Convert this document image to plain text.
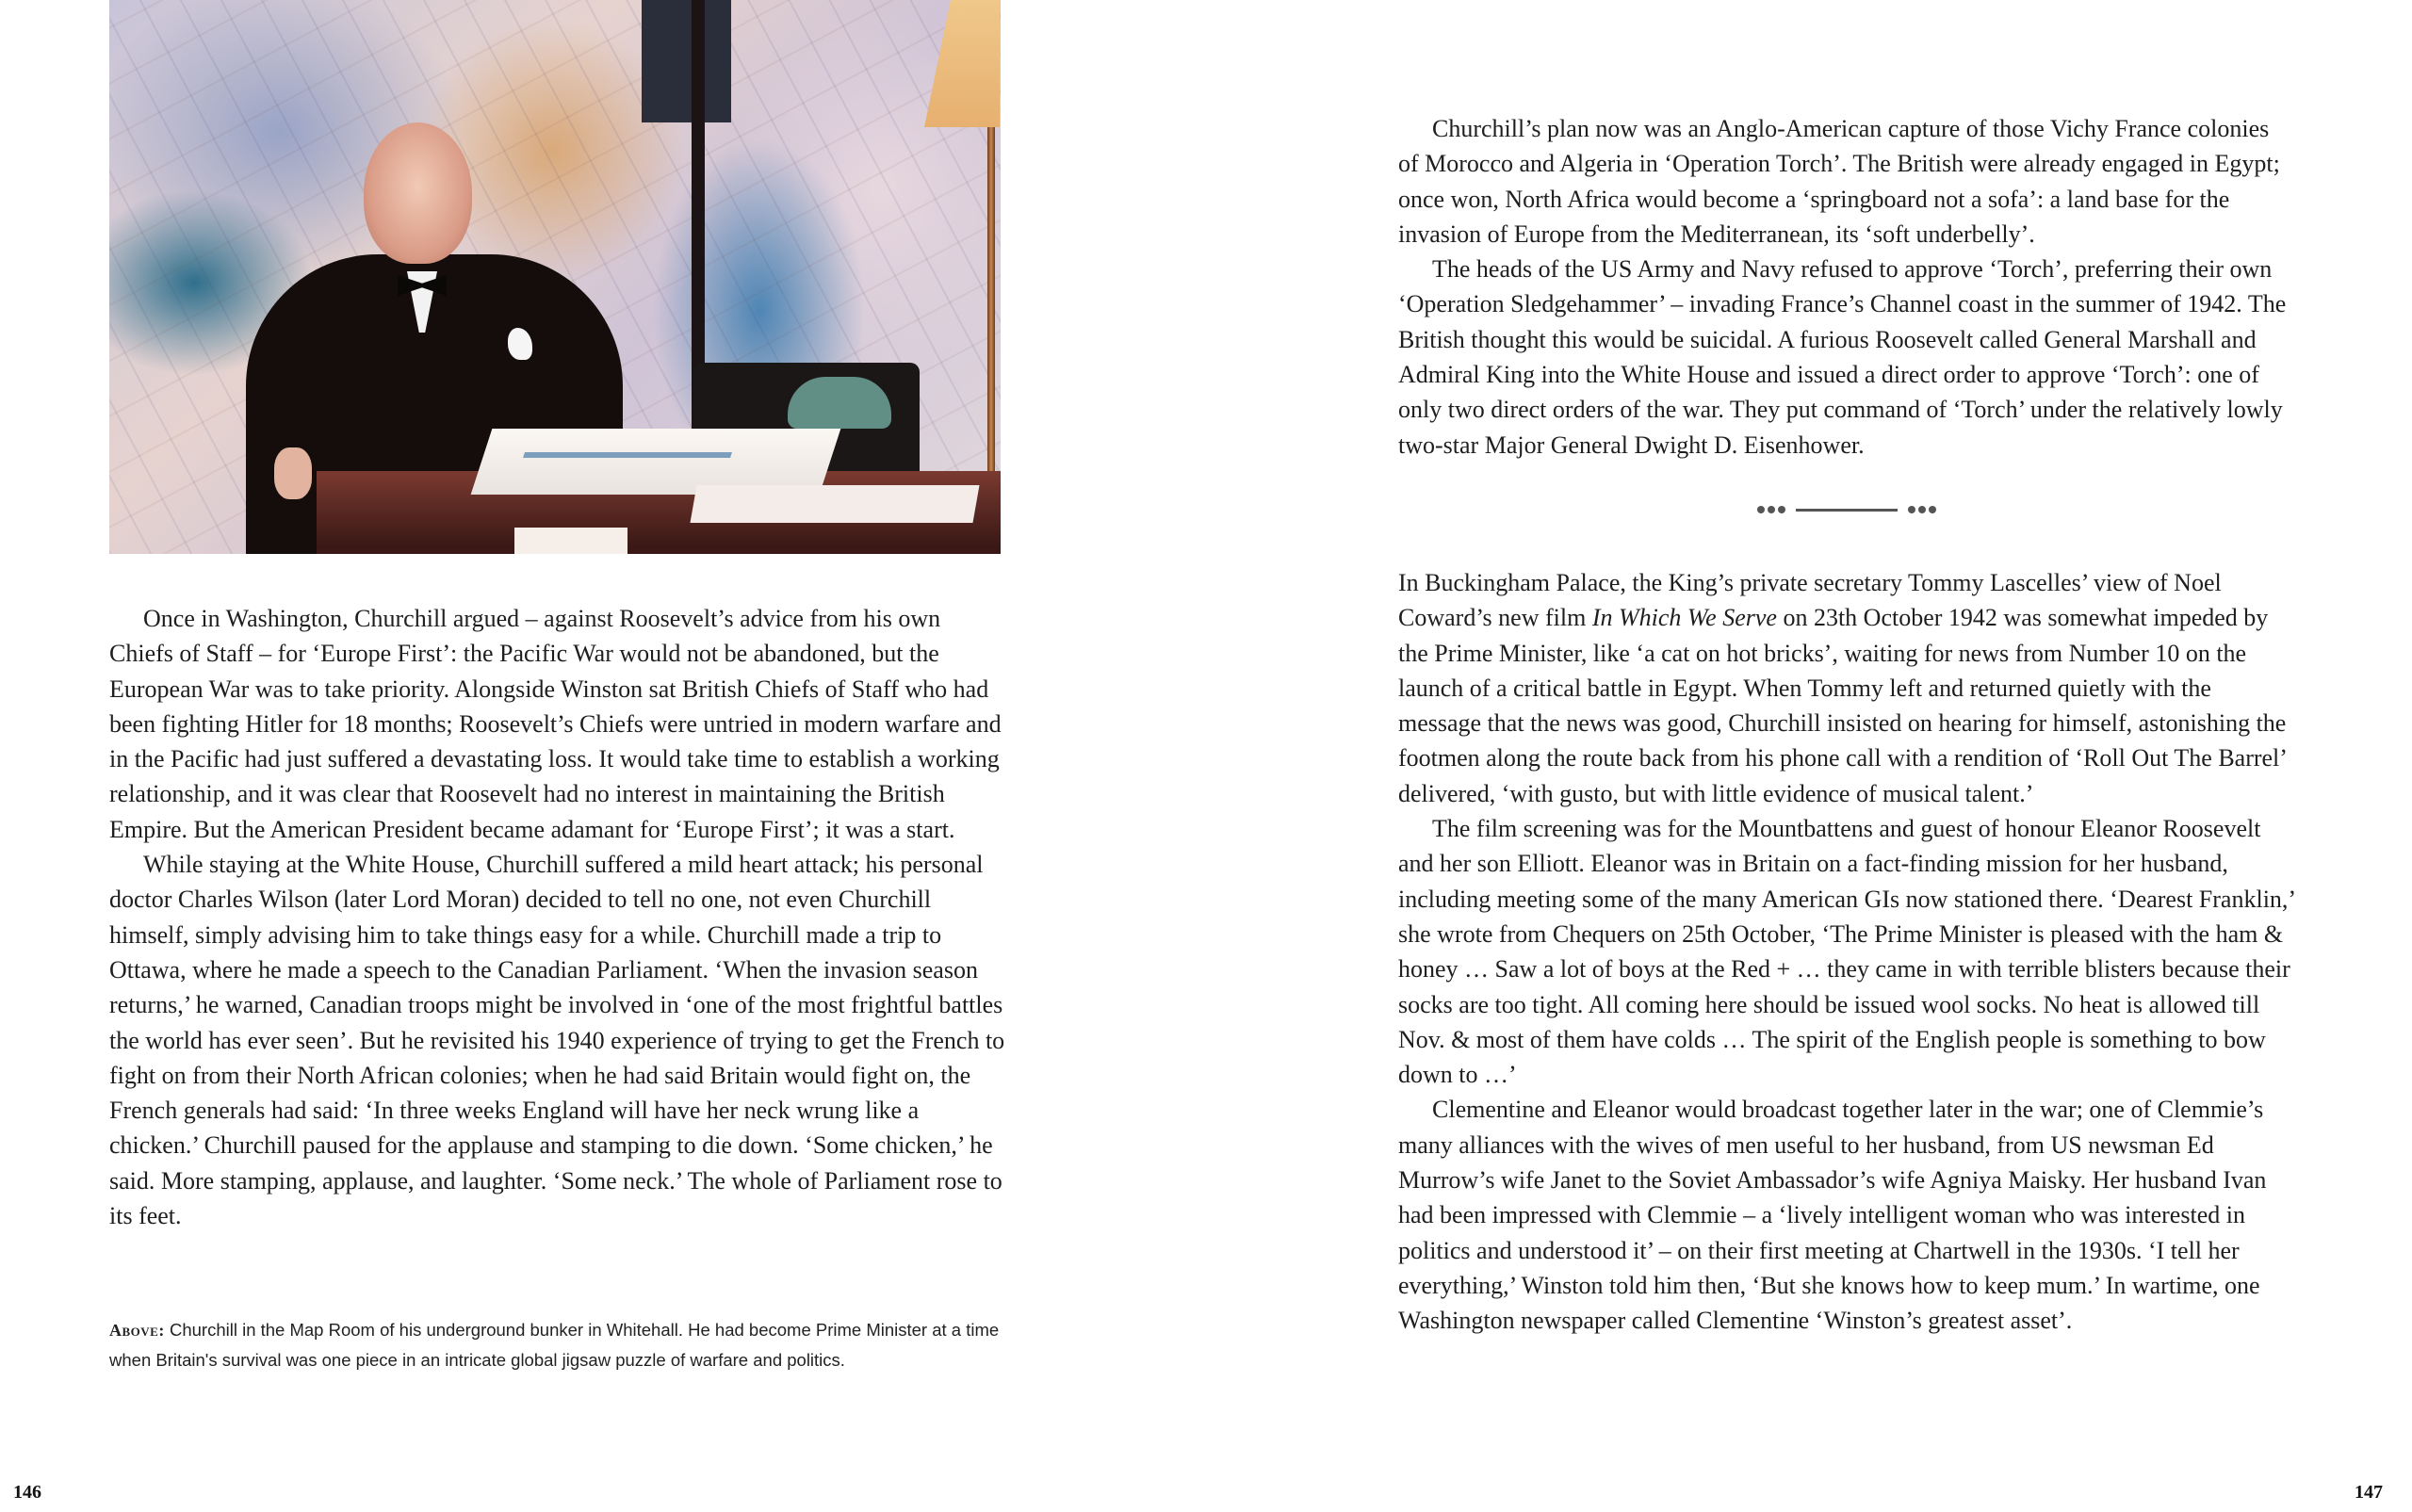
Once in Washington, Churchill argued – against Roosevelt’s advice from his own Chiefs of Staff – for ‘Europe First’: the Pacific War would not be abandoned, but the European War was to take priority. Alongside Winston sat British Chiefs of Staff who had been fighting Hitler for 18 months; Roosevelt’s Chiefs were untried in modern warfare and in the Pacific had just suffered a devastating loss. It would take time to establish a working relationship, and it was clear that Roosevelt had no interest in maintaining the British Empire. But the American President became adamant for ‘Europe First’; it was a start.

While staying at the White House, Churchill suffered a mild heart attack; his personal doctor Charles Wilson (later Lord Moran) decided to tell no one, not even Churchill himself, simply advising him to take things easy for a while. Churchill made a trip to Ottawa, where he made a speech to the Canadian Parliament. ‘When the invasion season returns,’ he warned, Canadian troops might be involved in ‘one of the most frightful battles the world has ever seen’. But he revisited his 1940 experience of trying to get the French to fight on from their North African colonies; when he had said Britain would fight on, the French generals had said: ‘In three weeks England will have her neck wrung like a chicken.’ Churchill paused for the applause and stamping to die down. ‘Some chicken,’ he said. More stamping, applause, and laughter. ‘Some neck.’ The whole of Parliament rose to its feet.

Above: Churchill in the Map Room of his underground bunker in Whitehall. He had become Prime Minister at a time when Britain's survival was one piece in an intricate global jigsaw puzzle of warfare and politics.
146

Churchill’s plan now was an Anglo-American capture of those Vichy France colonies of Morocco and Algeria in ‘Operation Torch’. The British were already engaged in Egypt; once won, North Africa would become a ‘springboard not a sofa’: a land base for the invasion of Europe from the Mediterranean, its ‘soft underbelly’.

The heads of the US Army and Navy refused to approve ‘Torch’, preferring their own ‘Operation Sledgehammer’ – invading France’s Channel coast in the summer of 1942. The British thought this would be suicidal. A furious Roosevelt called General Marshall and Admiral King into the White House and issued a direct order to approve ‘Torch’: one of only two direct orders of the war. They put command of ‘Torch’ under the relatively lowly two-star Major General Dwight D. Eisenhower.

In Buckingham Palace, the King’s private secretary Tommy Lascelles’ view of Noel Coward’s new film In Which We Serve on 23th October 1942 was somewhat impeded by the Prime Minister, like ‘a cat on hot bricks’, waiting for news from Number 10 on the launch of a critical battle in Egypt. When Tommy left and returned quietly with the message that the news was good, Churchill insisted on hearing for himself, astonishing the footmen along the route back from his phone call with a rendition of ‘Roll Out The Barrel’ delivered, ‘with gusto, but with little evidence of musical talent.’

The film screening was for the Mountbattens and guest of honour Eleanor Roosevelt and her son Elliott. Eleanor was in Britain on a fact-finding mission for her husband, including meeting some of the many American GIs now stationed there. ‘Dearest Franklin,’ she wrote from Chequers on 25th October, ‘The Prime Minister is pleased with the ham & honey … Saw a lot of boys at the Red + … they came in with terrible blisters because their socks are too tight. All coming here should be issued wool socks. No heat is allowed till Nov. & most of them have colds … The spirit of the English people is something to bow down to …’

Clementine and Eleanor would broadcast together later in the war; one of Clemmie’s many alliances with the wives of men useful to her husband, from US newsman Ed Murrow’s wife Janet to the Soviet Ambassador’s wife Agniya Maisky. Her husband Ivan had been impressed with Clemmie – a ‘lively intelligent woman who was interested in politics and understood it’ – on their first meeting at Chartwell in the 1930s. ‘I tell her everything,’ Winston told him then, ‘But she knows how to keep mum.’ In wartime, one Washington newspaper called Clementine ‘Winston’s greatest asset’.

147
